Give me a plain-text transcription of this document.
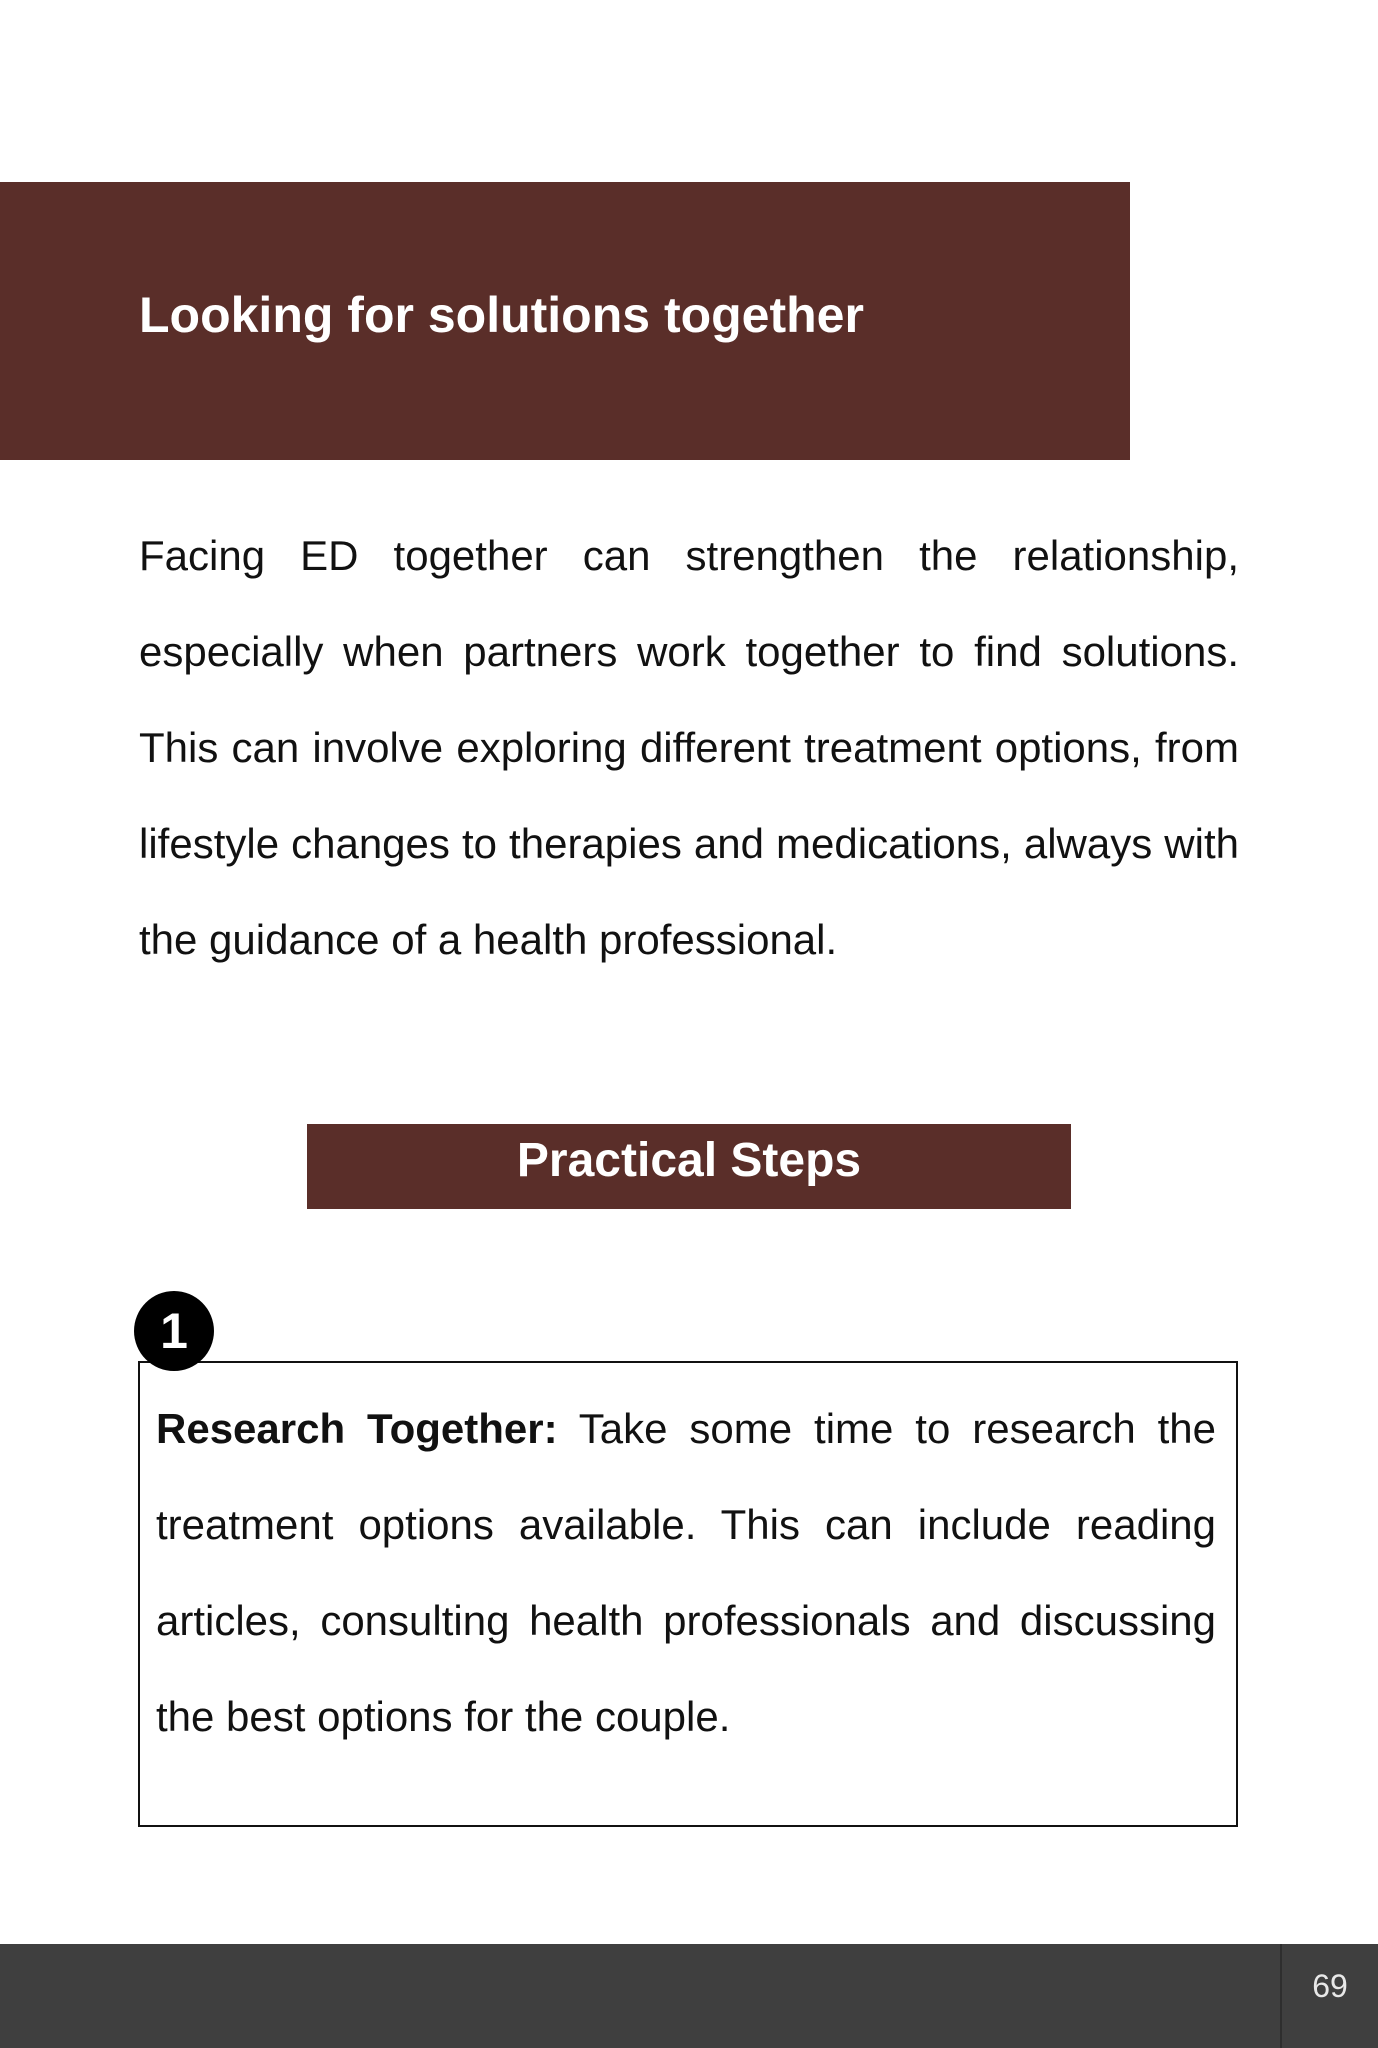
Looking for solutions together

Facing ED together can strengthen the relationship, especially when partners work together to find solutions. This can involve exploring different treatment options, from lifestyle changes to therapies and medications, always with the guidance of a health professional.

Practical Steps

Research Together: Take some time to research the treatment options available. This can include reading articles, consulting health professionals and discussing the best options for the couple.

1
69
